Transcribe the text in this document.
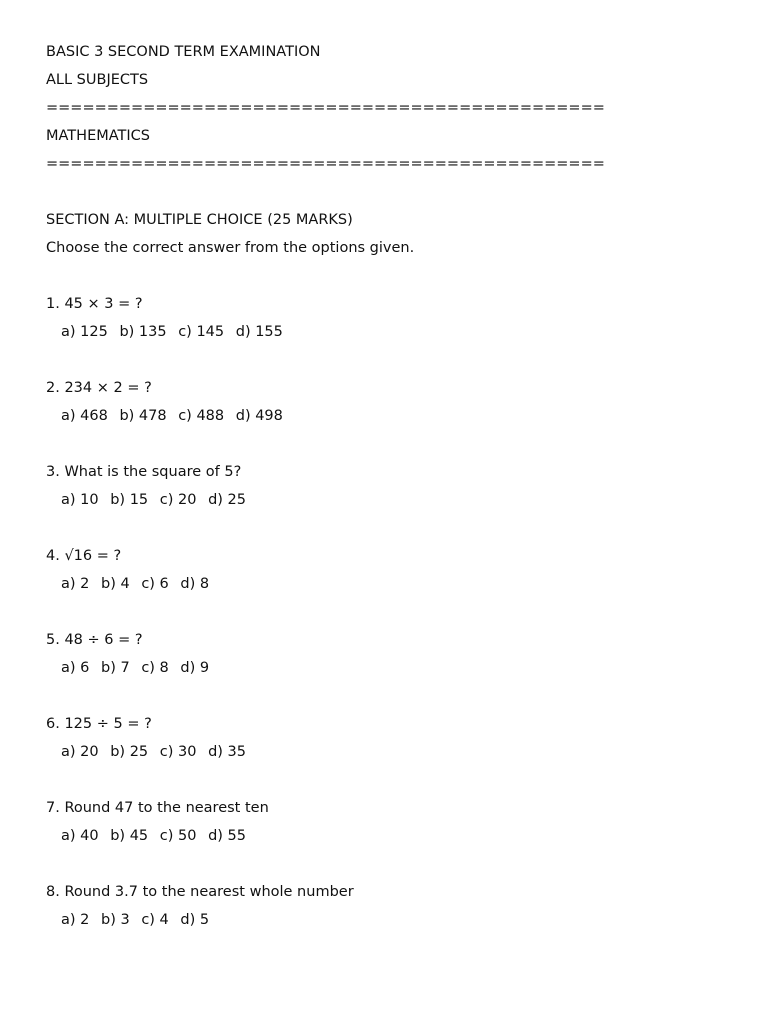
BASIC 3 SECOND TERM EXAMINATION
ALL SUBJECTS
==============================================
MATHEMATICS
==============================================
SECTION A: MULTIPLE CHOICE (25 MARKS)
Choose the correct answer from the options given.
1. 45 × 3 = ?
a) 125 b) 135 c) 145 d) 155
2. 234 × 2 = ?
a) 468 b) 478 c) 488 d) 498
3. What is the square of 5?
a) 10 b) 15 c) 20 d) 25
4. √16 = ?
a) 2 b) 4 c) 6 d) 8
5. 48 ÷ 6 = ?
a) 6 b) 7 c) 8 d) 9
6. 125 ÷ 5 = ?
a) 20 b) 25 c) 30 d) 35
7. Round 47 to the nearest ten
a) 40 b) 45 c) 50 d) 55
8. Round 3.7 to the nearest whole number
a) 2 b) 3 c) 4 d) 5
